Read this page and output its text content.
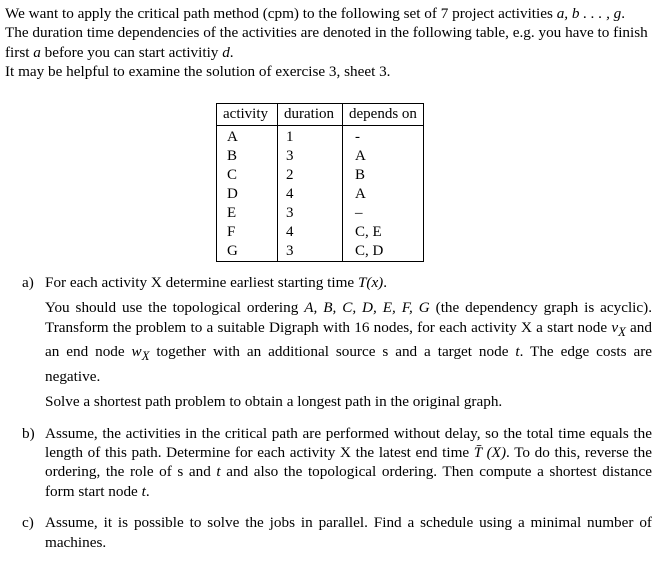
We want to apply the critical path method (cpm) to the following set of 7 project activities a, b . . . , g.

The duration time dependencies of the activities are denoted in the following table, e.g. you have to finish first a before you can start activitiy d.

It may be helpful to examine the solution of exercise 3, sheet 3.

activity	duration	depends on
A	1	-
B	3	A
C	2	B
D	4	A
E	3	–
F	4	C, E
G	3	C, D
a) For each activity X determine earliest starting time T(x).

You should use the topological ordering A, B, C, D, E, F, G (the dependency graph is acyclic). Transform the problem to a suitable Digraph with 16 nodes, for each activity X a start node $v_X$ and an end node $w_X$ together with an additional source s and a target node t. The edge costs are negative.

Solve a shortest path problem to obtain a longest path in the original graph.

b) Assume, the activities in the critical path are performed without delay, so the total time equals the length of this path. Determine for each activity X the latest end time T̄ (X). To do this, reverse the ordering, the role of s and t and also the topological ordering. Then compute a shortest distance form start node t.

c) Assume, it is possible to solve the jobs in parallel. Find a schedule using a minimal number of machines.
